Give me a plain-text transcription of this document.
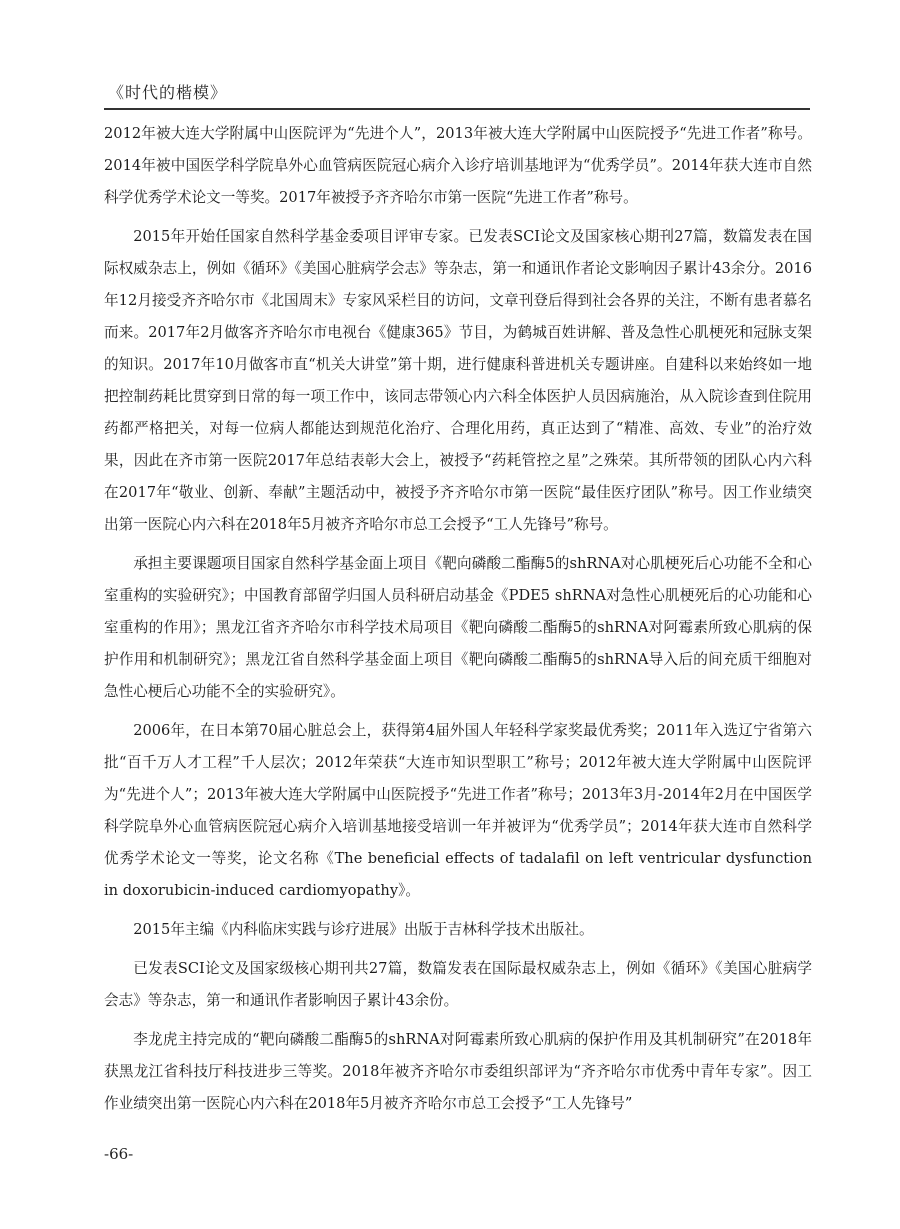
《时代的楷模》

2012年被大连大学附属中山医院评为“先进个人”，2013年被大连大学附属中山医院授予“先进工作者”称号。2014年被中国医学科学院阜外心血管病医院冠心病介入诊疗培训基地评为“优秀学员”。2014年获大连市自然科学优秀学术论文一等奖。2017年被授予齐齐哈尔市第一医院“先进工作者”称号。

2015年开始任国家自然科学基金委项目评审专家。已发表SCI论文及国家核心期刊27篇，数篇发表在国际权威杂志上，例如《循环》《美国心脏病学会志》等杂志，第一和通讯作者论文影响因子累计43余分。2016年12月接受齐齐哈尔市《北国周末》专家风采栏目的访问，文章刊登后得到社会各界的关注，不断有患者慕名而来。2017年2月做客齐齐哈尔市电视台《健康365》节目，为鹤城百姓讲解、普及急性心肌梗死和冠脉支架的知识。2017年10月做客市直“机关大讲堂”第十期，进行健康科普进机关专题讲座。自建科以来始终如一地把控制药耗比贯穿到日常的每一项工作中，该同志带领心内六科全体医护人员因病施治，从入院诊查到住院用药都严格把关，对每一位病人都能达到规范化治疗、合理化用药，真正达到了“精准、高效、专业”的治疗效果，因此在齐市第一医院2017年总结表彰大会上，被授予“药耗管控之星”之殊荣。其所带领的团队心内六科在2017年“敬业、创新、奉献”主题活动中，被授予齐齐哈尔市第一医院“最佳医疗团队”称号。因工作业绩突出第一医院心内六科在2018年5月被齐齐哈尔市总工会授予“工人先锋号”称号。

承担主要课题项目国家自然科学基金面上项目《靶向磷酸二酯酶5的shRNA对心肌梗死后心功能不全和心室重构的实验研究》；中国教育部留学归国人员科研启动基金《PDE5 shRNA对急性心肌梗死后的心功能和心室重构的作用》；黑龙江省齐齐哈尔市科学技术局项目《靶向磷酸二酯酶5的shRNA对阿霉素所致心肌病的保护作用和机制研究》；黑龙江省自然科学基金面上项目《靶向磷酸二酯酶5的shRNA导入后的间充质干细胞对急性心梗后心功能不全的实验研究》。

2006年，在日本第70届心脏总会上，获得第4届外国人年轻科学家奖最优秀奖；2011年入选辽宁省第六批“百千万人才工程”千人层次；2012年荣获“大连市知识型职工”称号；2012年被大连大学附属中山医院评为“先进个人”；2013年被大连大学附属中山医院授予“先进工作者”称号；2013年3月-2014年2月在中国医学科学院阜外心血管病医院冠心病介入培训基地接受培训一年并被评为“优秀学员”；2014年获大连市自然科学优秀学术论文一等奖，论文名称《The beneficial effects of tadalafil on left ventricular dysfunction in doxorubicin-induced cardiomyopathy》。

2015年主编《内科临床实践与诊疗进展》出版于吉林科学技术出版社。

已发表SCI论文及国家级核心期刊共27篇，数篇发表在国际最权威杂志上，例如《循环》《美国心脏病学会志》等杂志，第一和通讯作者影响因子累计43余份。

李龙虎主持完成的“靶向磷酸二酯酶5的shRNA对阿霉素所致心肌病的保护作用及其机制研究”在2018年获黑龙江省科技厅科技进步三等奖。2018年被齐齐哈尔市委组织部评为“齐齐哈尔市优秀中青年专家”。因工作业绩突出第一医院心内六科在2018年5月被齐齐哈尔市总工会授予“工人先锋号”

-66-
